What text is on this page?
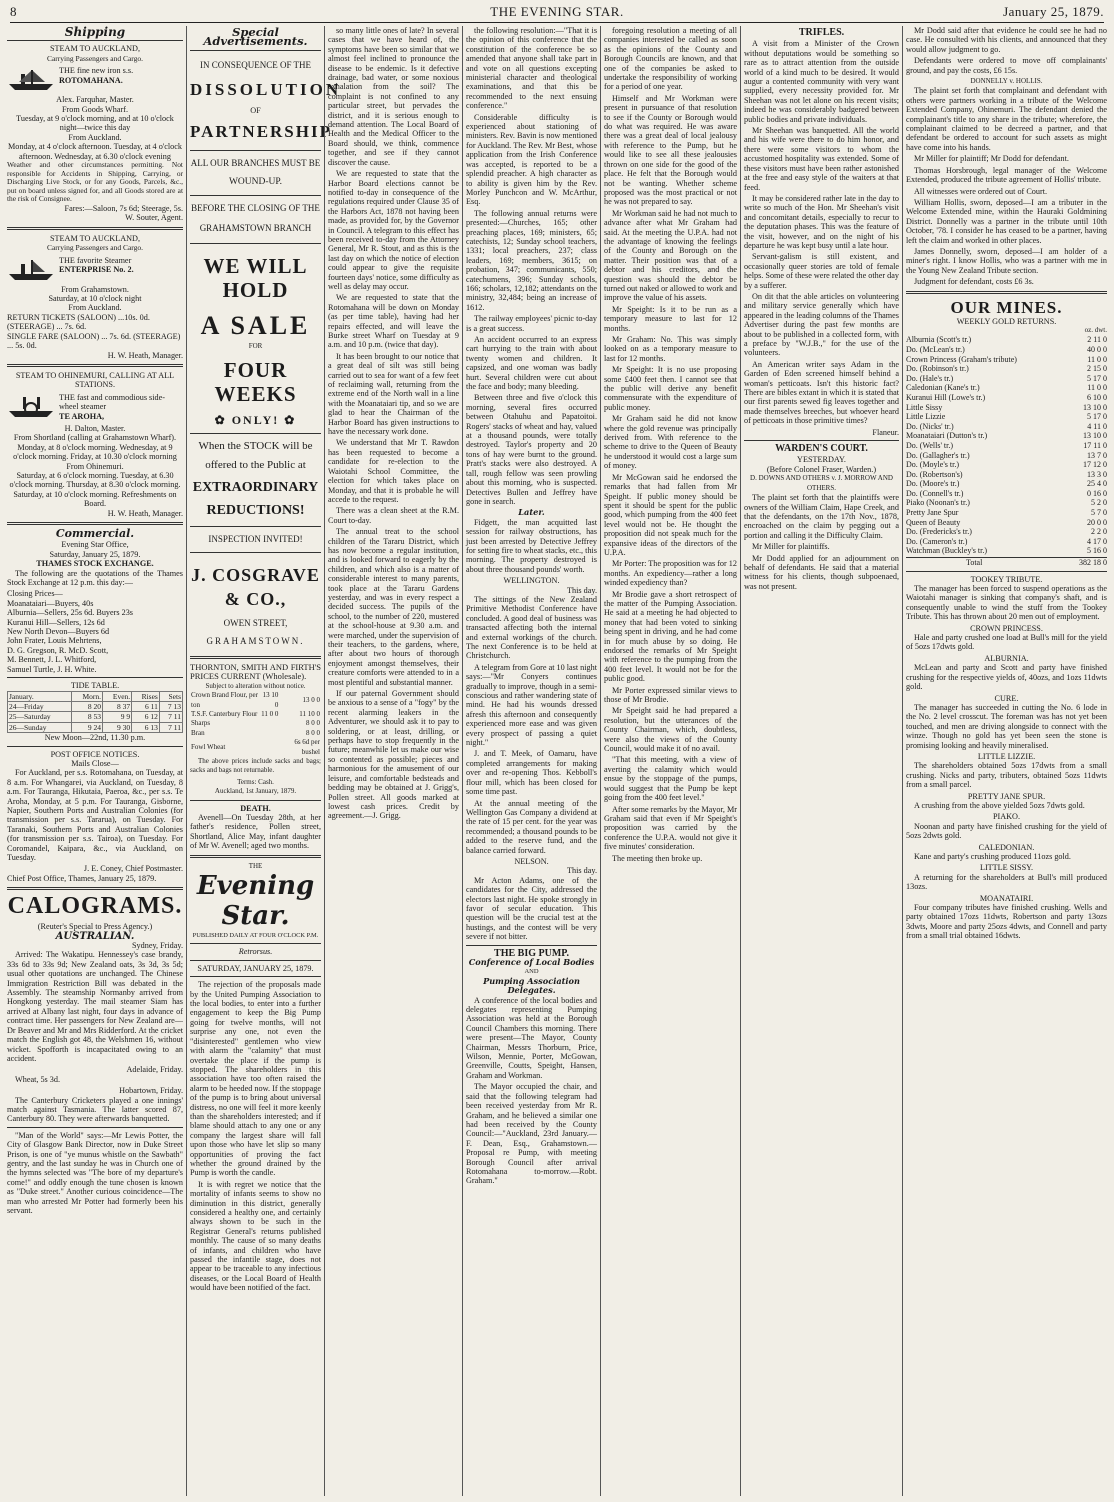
8	THE EVENING STAR.	January 25, 1879.
Shipping
STEAM TO AUCKLAND,
Carrying Passengers and Cargo.
THE fine new iron s.s.
ROTOMAHANA.
Alex. Farquhar, Master.
From Goods Wharf.
Tuesday, at 9 o'clock morning, and at 10 o'clock night—twice this day
From Auckland.
Monday, at 4 o'clock afternoon. Tuesday, at 4 o'clock afternoon. Wednesday, at 6.30 o'clock evening
Weather and other circumstances permitting. Not responsible for Accidents in Shipping, Carrying, or Discharging Live Stock, or for any Goods, Parcels, &c., put on board unless signed for, and all Goods stored are at the risk of Consignee.
Fares:—Saloon, 7s 6d; Steerage, 5s.
W. Souter, Agent.
STEAM TO AUCKLAND,
Carrying Passengers and Cargo.
THE favorite Steamer
ENTERPRISE No. 2.
From Grahamstown.
Saturday, at 10 o'clock night
From Auckland.
RETURN TICKETS (SALOON) ...10s. 0d. (STEERAGE) ... 7s. 6d.
SINGLE FARE (SALOON) ... 7s. 6d. (STEERAGE) ... 5s. 0d.
H. W. Heath, Manager.
STEAM TO OHINEMURI, CALLING AT ALL STATIONS.
THE fast and commodious side-wheel steamer
TE AROHA,
H. Dalton, Master.
From Shortland (calling at Grahamstown Wharf).
Monday, at 8 o'clock morning. Wednesday, at 9 o'clock morning. Friday, at 10.30 o'clock morning
From Ohinemuri.
Saturday, at 6 o'clock morning. Tuesday, at 6.30 o'clock morning. Thursday, at 8.30 o'clock morning. Saturday, at 10 o'clock morning. Refreshments on Board.
H. W. Heath, Manager.
Commercial.
Evening Star Office,
Saturday, January 25, 1879.
THAMES STOCK EXCHANGE.

The following are the quotations of the Thames Stock Exchange at 12 p.m. this day:—

Closing Prices—
Moanataiari—Buyers, 40s
Alburnia—Sellers, 25s 6d. Buyers 23s
Kuranui Hill—Sellers, 12s 6d
New North Devon—Buyers 6d
John Frater, Louis Mehrtens,
D. G. Gregson, R. McD. Scott,
M. Bennett, J. L. Whitford,
Samuel Turtle, J. H. White.
TIDE TABLE.
January.	Morn.	Even.	Rises	Sets
24—Friday	8 20	8 37	6 11	7 13
25—Saturday	8 53	9 9	6 12	7 11
26—Sunday	9 24	9 30	6 13	7 11
New Moon—22nd, 11.30 p.m.
POST OFFICE NOTICES.
Mails Close—

For Auckland, per s.s. Rotomahana, on Tuesday, at 8 a.m. For Whangarei, via Auckland, on Tuesday, 8 a.m. For Tauranga, Hikutaia, Paeroa, &c., per s.s. Te Aroha, Monday, at 5 p.m. For Tauranga, Gisborne, Napier, Southern Ports and Australian Colonies (for transmission per s.s. Tararua), on Tuesday. For Taranaki, Southern Ports and Australian Colonies (for transmission per s.s. Tairoa), on Tuesday. For Coromandel, Kaipara, &c., via Auckland, on Tuesday.

J. E. Coney, Chief Postmaster.
Chief Post Office, Thames, January 25, 1879.
CALOGRAMS.
(Reuter's Special to Press Agency.)
AUSTRALIAN.
Sydney, Friday.

Arrived: The Wakatipu. Hennessey's case brandy, 33s 6d to 33s 9d; New Zealand oats, 3s 3d, 3s 5d; usual other quotations are unchanged. The Chinese Immigration Restriction Bill was debated in the Assembly. The steamship Normanby arrived from Hongkong yesterday. The mail steamer Siam has arrived at Albany last night, four days in advance of contract time. Her passengers for New Zealand are—Dr Beaver and Mr and Mrs Ridderford. At the cricket match the English got 48, the Welshmen 16, without wicket. Spofforth is incapacitated owing to an accident.

Adelaide, Friday.

Wheat, 5s 3d.

Hobartown, Friday.

The Canterbury Cricketers played a one innings' match against Tasmania. The latter scored 87, Canterbury 80. They were afterwards banquetted.

"Man of the World" says:—Mr Lewis Potter, the City of Glasgow Bank Director, now in Duke Street Prison, is one of "ye munus whistle on the Sawbath" gentry, and the last sunday he was in Church one of the hymns selected was "The bore of my departure's come!" and oddly enough the tune chosen is known as "Duke street." Another curious coincidence—The man who arrested Mr Potter had formerly been his servant.

Special Advertisements.
IN CONSEQUENCE OF THE
DISSOLUTION
OF
PARTNERSHIP
ALL OUR BRANCHES MUST BE
WOUND-UP.
BEFORE THE CLOSING OF THE
GRAHAMSTOWN BRANCH
WE WILL HOLD
A SALE
FOR
FOUR WEEKS
✿ ONLY! ✿
When the STOCK will be
offered to the Public at
EXTRAORDINARY
REDUCTIONS!
INSPECTION INVITED!
J. COSGRAVE & CO.,
OWEN STREET,
GRAHAMSTOWN.
THORNTON, SMITH AND FIRTH'S PRICES CURRENT (Wholesale).
Subject to alteration without notice.
Crown Brand Flour, per ton	13 10 0	13 0 0
T.S.F. Canterbury Flour	11 0 0	11 10 0
Sharps		8 0 0
Bran		8 0 0
Fowl Wheat		6s 6d per bushel

The above prices include sacks and bags; sacks and bags not returnable.

Terms: Cash.
Auckland, 1st January, 1879.
DEATH.

Avenell—On Tuesday 28th, at her father's residence, Pollen street, Shortland, Alice May, infant daughter of Mr W. Avenell; aged two months.

THE
Evening Star.
PUBLISHED DAILY AT FOUR O'CLOCK P.M.
Retrorsus.
SATURDAY, JANUARY 25, 1879.

The rejection of the proposals made by the United Pumping Association to the local bodies, to enter into a further engagement to keep the Big Pump going for twelve months, will not surprise any one, not even the "disinterested" gentlemen who view with alarm the "calamity" that must overtake the place if the pump is stopped. The shareholders in this association have too often raised the alarm to be heeded now. If the stoppage of the pump is to bring about universal distress, no one will feel it more keenly than the shareholders interested; and if blame should attach to any one or any company the largest share will fall upon those who have let slip so many opportunities of proving the fact whether the ground drained by the Pump is worth the candle.

It is with regret we notice that the mortality of infants seems to show no diminution in this district, generally considered a healthy one, and certainly always shown to be such in the Registrar General's returns published monthly. The cause of so many deaths of infants, and children who have passed the infantile stage, does not appear to be traceable to any infectious diseases, or the Local Board of Health would have been notified of the fact.

so many little ones of late? In several cases that we have heard of, the symptoms have been so similar that we almost feel inclined to pronounce the disease to be endemic. Is it defective drainage, bad water, or some noxious exhalation from the soil? The complaint is not confined to any particular street, but pervades the district, and it is serious enough to demand attention. The Local Board of Health and the Medical Officer to the Board should, we think, commence together, and see if they cannot discover the cause.

We are requested to state that the Harbor Board elections cannot be notified to-day in consequence of the regulations required under Clause 35 of the Harbors Act, 1878 not having been made, as provided for, by the Governor in Council. A telegram to this effect has been received to-day from the Attorney General, Mr R. Stout, and as this is the last day on which the notice of election could appear to give the requisite fourteen days' notice, some difficulty as well as delay may occur.

We are requested to state that the Rotomahana will be down on Monday (as per time table), having had her repairs effected, and will leave the Burke street Wharf on Tuesday at 9 a.m. and 10 p.m. (twice that day).

It has been brought to our notice that a great deal of silt was still being carried out to sea for want of a few feet of reclaiming wall, returning from the extreme end of the North wall in a line with the Moanataiari tip, and so we are glad to hear the Chairman of the Harbor Board has given instructions to have the necessary work done.

We understand that Mr T. Rawdon has been requested to become a candidate for re-election to the Waiotahi School Committee, the election for which takes place on Monday, and that it is probable he will accede to the request.

There was a clean sheet at the R.M. Court to-day.

The annual treat to the school children of the Tararu District, which has now become a regular institution, and is looked forward to eagerly by the children, and which also is a matter of considerable interest to many parents, took place at the Tararu Gardens yesterday, and was in every respect a decided success. The pupils of the school, to the number of 220, mustered at the school-house at 9.30 a.m. and were marched, under the supervision of their teachers, to the gardens, where, after about two hours of thorough enjoyment amongst themselves, their creature comforts were attended to in a most plentiful and substantial manner.

If our paternal Government should be anxious to a sense of a "fogy" by the recent alarming leakers in the Adventurer, we should ask it to pay to soldering, or at least, drilling, or perhaps have to stop frequently in the future; meanwhile let us make our wise so contented as possible; pieces and harmonious for the amusement of our leisure, and comfortable bedsteads and bedding may be obtained at J. Grigg's, Pollen street. All goods marked at lowest cash prices. Credit by agreement.—J. Grigg.

the following resolution:—"That it is the opinion of this conference that the constitution of the conference be so amended that anyone shall take part in and vote on all questions excepting ministerial character and theological examinations, and that this be recommended to the next ensuing conference."

Considerable difficulty is experienced about stationing of ministers. Rev. Bavin is now mentioned for Auckland. The Rev. Mr Best, whose application from the Irish Conference was accepted, is reported to be a splendid preacher. A high character as to ability is given him by the Rev. Morley Punchcon and W. McArthur, Esq.

The following annual returns were presented:—Churches, 165; other preaching places, 169; ministers, 65; catechists, 12; Sunday school teachers, 1331; local preachers, 237; class leaders, 169; members, 3615; on probation, 347; communicants, 550; catechumens, 396; Sunday schools, 166; scholars, 12,182; attendants on the ministry, 32,484; being an increase of 1612.

The railway employees' picnic to-day is a great success.

An accident occurred to an express cart hurrying to the train with about twenty women and children. It capsized, and one woman was badly hurt. Several children were cut about the face and body; many bleeding.

Between three and five o'clock this morning, several fires occurred between Otahuhu and Papatoitoi. Rogers' stacks of wheat and hay, valued at a thousand pounds, were totally destroyed. Taylor's property and 20 tons of hay were burnt to the ground. Pratt's stacks were also destroyed. A tall, rough fellow was seen prowling about this morning, who is suspected. Detectives Bullen and Jeffrey have gone in search.

Later.

Fidgett, the man acquitted last session for railway obstructions, has just been arrested by Detective Jeffrey for setting fire to wheat stacks, etc., this morning. The property destroyed is about three thousand pounds' worth.

WELLINGTON.
This day.

The sittings of the New Zealand Primitive Methodist Conference have concluded. A good deal of business was transacted affecting both the internal and external workings of the church. The next Conference is to be held at Christchurch.

A telegram from Gore at 10 last night says:—"Mr Conyers continues gradually to improve, though in a semi-conscious and rather wandering state of mind. He had his wounds dressed afresh this afternoon and consequently experienced more ease and was given every prospect of passing a quiet night."

J. and T. Meek, of Oamaru, have completed arrangements for making over and re-opening Thos. Kebboll's flour mill, which has been closed for some time past.

At the annual meeting of the Wellington Gas Company a dividend at the rate of 15 per cent. for the year was recommended; a thousand pounds to be added to the reserve fund, and the balance carried forward.

NELSON.
This day.

Mr Acton Adams, one of the candidates for the City, addressed the electors last night. He spoke strongly in favor of secular education. This question will be the crucial test at the hustings, and the contest will be very severe if not bitter.

THE BIG PUMP.
Conference of Local Bodies
AND
Pumping Association Delegates.

A conference of the local bodies and delegates representing Pumping Association was held at the Borough Council Chambers this morning. There were present—The Mayor, County Chairman, Messrs Thorburn, Price, Wilson, Mennie, Porter, McGowan, Greenville, Coutts, Speight, Hansen, Graham and Workman.

The Mayor occupied the chair, and said that the following telegram had been received yesterday from Mr R. Graham, and he believed a similar one had been received by the County Council:—"Auckland, 23rd January.—F. Dean, Esq., Grahamstown.—Proposal re Pump, with meeting Borough Council after arrival Rotomahana to-morrow.—Robt. Graham."

foregoing resolution a meeting of all companies interested be called as soon as the opinions of the County and Borough Councils are known, and that one of the companies be asked to undertake the responsibility of working for a period of one year.

Himself and Mr Workman were present in pursuance of that resolution to see if the County or Borough would do what was required. He was aware there was a great deal of local jealousy with reference to the Pump, but he would like to see all these jealousies thrown on one side for the good of the place. He felt that the Borough would not be wanting. Whether scheme proposed was the most practical or not he was not prepared to say.

Mr Workman said he had not much to advance after what Mr Graham had said. At the meeting the U.P.A. had not the advantage of knowing the feelings of the County and Borough on the matter. Their position was that of a debtor and his creditors, and the question was should the debtor be turned out naked or allowed to work and improve the value of his assets.

Mr Speight: Is it to be run as a temporary measure to last for 12 months.

Mr Graham: No. This was simply looked on as a temporary measure to last for 12 months.

Mr Speight: It is no use proposing some £400 feet then. I cannot see that the public will derive any benefit commensurate with the expenditure of public money.

Mr Graham said he did not know where the gold revenue was principally derived from. With reference to the scheme to drive to the Queen of Beauty he understood it would cost a large sum of money.

Mr McGowan said he endorsed the remarks that had fallen from Mr Speight. If public money should be spent it should be spent for the public good, which pumping from the 400 feet level would not be. He thought the proposition did not speak much for the expansive ideas of the directors of the U.P.A.

Mr Porter: The proposition was for 12 months. An expediency—rather a long winded expediency than?

Mr Brodie gave a short retrospect of the matter of the Pumping Association. He said at a meeting he had objected to money that had been voted to sinking being spent in driving, and he had come in for much abuse by so doing. He endorsed the remarks of Mr Speight with reference to the pumping from the 400 feet level. It would not be for the public good.

Mr Porter expressed similar views to those of Mr Brodie.

Mr Speight said he had prepared a resolution, but the utterances of the County Chairman, which, doubtless, were also the views of the County Council, would make it of no avail.

"That this meeting, with a view of averting the calamity which would ensue by the stoppage of the pumps, would suggest that the Pump be kept going from the 400 feet level."

After some remarks by the Mayor, Mr Graham said that even if Mr Speight's proposition was carried by the conference the U.P.A. would not give it five minutes' consideration.

The meeting then broke up.

TRIFLES.

A visit from a Minister of the Crown without deputations would be something so rare as to attract attention from the outside world of a kind much to be desired. It would augur a contented community with very want supplied, every necessity provided for. Mr Sheehan was not let alone on his recent visits; indeed he was considerably badgered between public bodies and private individuals.

Mr Sheehan was banquetted. All the world and his wife were there to do him honor, and there were some visitors to whom the accustomed hospitality was extended. Some of these visitors must have been rather astonished at the free and easy style of the waiters at that feed.

It may be considered rather late in the day to write so much of the Hon. Mr Sheehan's visit and concomitant details, especially to recur to the deputation phases. This was the feature of the visit, however, and on the night of his departure he was kept busy until a late hour.

Servant-galism is still existent, and occasionally queer stories are told of female helps. Some of these were related the other day by a sufferer.

On dit that the able articles on volunteering and military service generally which have appeared in the leading columns of the Thames Advertiser during the past few months are about to be published in a collected form, with a preface by "W.J.B.," for the use of the volunteers.

An American writer says Adam in the Garden of Eden screened himself behind a woman's petticoats. Isn't this historic fact? There are bibles extant in which it is stated that our first parents sewed fig leaves together and made themselves breeches, but whoever heard of petticoats in those primitive times?

Flaneur.
WARDEN'S COURT.
YESTERDAY.
(Before Colonel Fraser, Warden.)
D. DOWNS AND OTHERS v. J. MORROW AND OTHERS.

The plaint set forth that the plaintiffs were owners of the William Claim, Hape Creek, and that the defendants, on the 17th Nov., 1878, encroached on the claim by pegging out a portion and calling it the Difficulty Claim.

Mr Miller for plaintiffs.

Mr Dodd applied for an adjournment on behalf of defendants. He said that a material witness for his clients, though subpoenaed, was not present.

Mr Dodd said after that evidence he could see he had no case. He consulted with his clients, and announced that they would allow judgment to go.

Defendants were ordered to move off complainants' ground, and pay the costs, £6 15s.

DONNELLY v. HOLLIS.

The plaint set forth that complainant and defendant with others were partners working in a tribute of the Welcome Extended Company, Ohinemuri. The defendant denied the complainant's title to any share in the tribute; wherefore, the complainant claimed to be decreed a partner, and that defendant be ordered to account for such assets as might have come into his hands.

Mr Miller for plaintiff; Mr Dodd for defendant.

Thomas Horsbrough, legal manager of the Welcome Extended, produced the tribute agreement of Hollis' tribute.

All witnesses were ordered out of Court.

William Hollis, sworn, deposed—I am a tributer in the Welcome Extended mine, within the Hauraki Goldmining District. Donnelly was a partner in the tribute until 10th October, '78. I consider he has ceased to be a partner, having left the claim and worked in other places.

James Donnelly, sworn, deposed—I am holder of a miner's right. I know Hollis, who was a partner with me in the Young New Zealand Tribute section.

Judgment for defendant, costs £6 3s.

OUR MINES.
WEEKLY GOLD RETURNS.
oz. dwt.
Alburnia (Scott's tr.)	2 11 0
Do. (McLean's tr.)	40 0 0
Crown Princess (Graham's tribute)	11 0 0
Do. (Robinson's tr.)	2 15 0
Do. (Hale's tr.)	5 17 0
Caledonian (Kane's tr.)	11 0 0
Kuranui Hill (Lowe's tr.)	6 10 0
Little Sissy	13 10 0
Little Lizzie	5 17 0
Do. (Nicks' tr.)	4 11 0
Moanataiari (Dutton's tr.)	13 10 0
Do. (Wells' tr.)	17 11 0
Do. (Gallagher's tr.)	13 7 0
Do. (Moyle's tr.)	17 12 0
Do. (Robertson's)	13 3 0
Do. (Moore's tr.)	25 4 0
Do. (Connell's tr.)	0 16 0
Piako (Noonan's tr.)	5 2 0
Pretty Jane Spur	5 7 0
Queen of Beauty	20 0 0
Do. (Fredericks's tr.)	2 2 0
Do. (Cameron's tr.)	4 17 0
Watchman (Buckley's tr.)	5 16 0
Total	382 18 0
TOOKEY TRIBUTE.

The manager has been forced to suspend operations as the Waiotahi manager is sinking that company's shaft, and is consequently unable to wind the stuff from the Tookey Tribute. This has thrown about 20 men out of employment.

CROWN PRINCESS.

Hale and party crushed one load at Bull's mill for the yield of 5ozs 17dwts gold.

ALBURNIA.

McLean and party and Scott and party have finished crushing for the respective yields of, 40ozs, and 1ozs 11dwts gold.

CURE.

The manager has succeeded in cutting the No. 6 lode in the No. 2 level crosscut. The foreman was has not yet been touched, and men are driving alongside to connect with the winze. Though no gold has yet been seen the stone is promising looking and heavily mineralised.

LITTLE LIZZIE.

The shareholders obtained 5ozs 17dwts from a small crushing. Nicks and party, tributers, obtained 5ozs 11dwts from a small parcel.

PRETTY JANE SPUR.

A crushing from the above yielded 5ozs 7dwts gold.

PIAKO.

Noonan and party have finished crushing for the yield of 5ozs 2dwts gold.

CALEDONIAN.

Kane and party's crushing produced 11ozs gold.

LITTLE SISSY.

A returning for the shareholders at Bull's mill produced 13ozs.

MOANATAIRI.

Four company tributes have finished crushing. Wells and party obtained 17ozs 11dwts, Robertson and party 13ozs 3dwts, Moore and party 25ozs 4dwts, and Connell and party from a small trial obtained 16dwts.
